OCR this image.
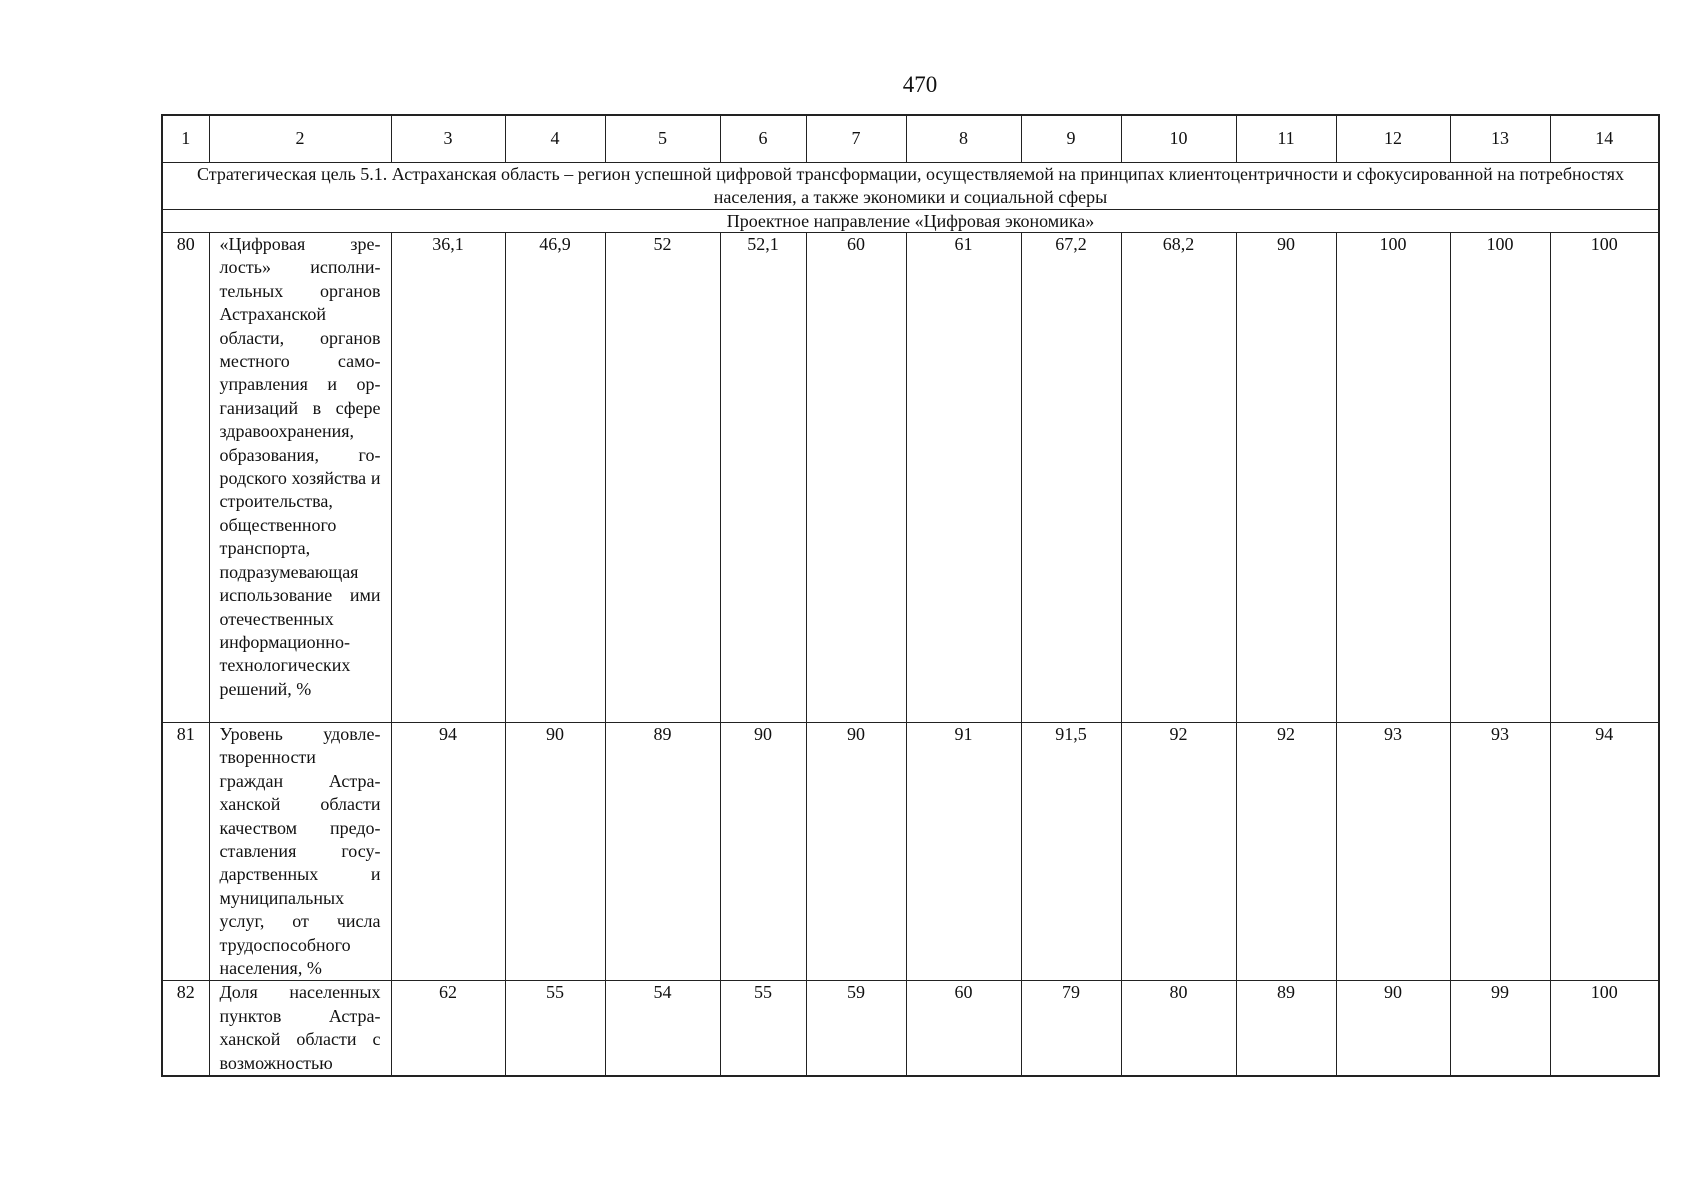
470
1	2	3	4	5	6	7	8	9	10	11	12	13	14
Стратегическая цель 5.1. Астраханская область – регион успешной цифровой трансформации, осуществляемой на принципах клиентоцентричности и сфокусированной на потребностях населения, а также экономики и социальной сферы													
Проектное направление «Цифровая экономика»													
80	«Цифровая зрелость» исполнительных органов Астраханской области, органов местного самоуправления и организаций в сфере здравоохранения, образования, городского хозяйства и строительства, общественного транспорта, подразумевающая использование ими отечественных информационно-технологических решений, %	36,1	46,9	52	52,1	60	61	67,2	68,2	90	100	100	100
81	Уровень удовлетворенности граждан Астраханской области качеством предоставления государственных и муниципальных услуг, от числа трудоспособного населения, %	94	90	89	90	90	91	91,5	92	92	93	93	94
82	Доля населенных пунктов Астраханской области с возможностью	62	55	54	55	59	60	79	80	89	90	99	100
